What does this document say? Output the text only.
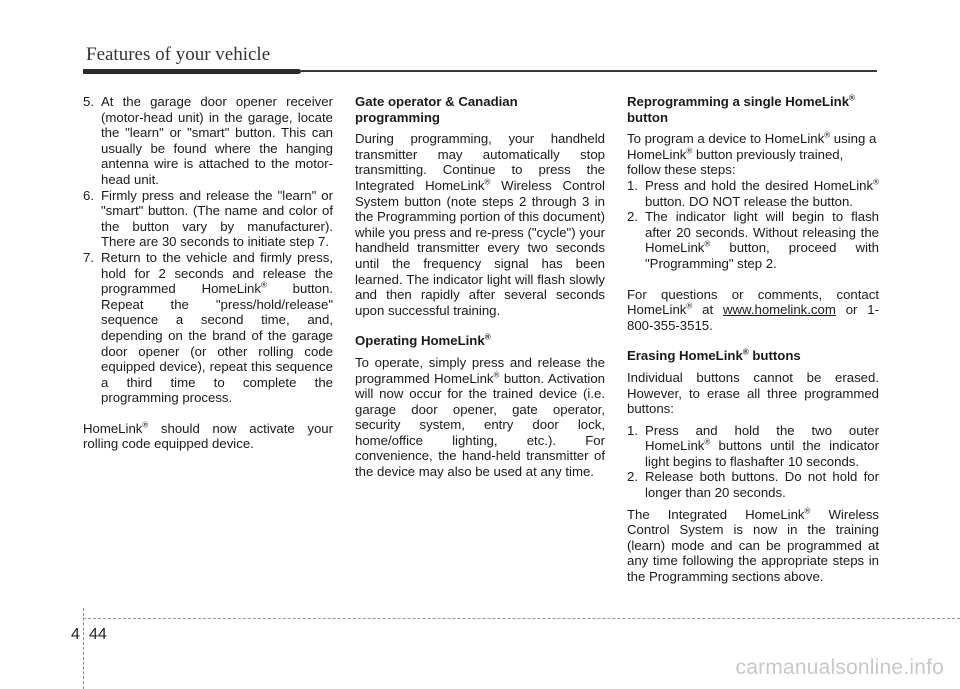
Features of your vehicle
5. At the garage door opener receiver (motor-head unit) in the garage, locate the "learn" or "smart" button. This can usually be found where the hanging antenna wire is attached to the motor-head unit.
6. Firmly press and release the "learn" or "smart" button. (The name and color of the button vary by manufacturer). There are 30 seconds to initiate step 7.
7. Return to the vehicle and firmly press, hold for 2 seconds and release the programmed HomeLink® button. Repeat the "press/hold/release" sequence a second time, and, depending on the brand of the garage door opener (or other rolling code equipped device), repeat this sequence a third time to complete the programming process.

HomeLink® should now activate your rolling code equipped device.

Gate operator & Canadian programming

During programming, your handheld transmitter may automatically stop transmitting. Continue to press the Integrated HomeLink® Wireless Control System button (note steps 2 through 3 in the Programming portion of this document) while you press and re-press ("cycle") your handheld transmitter every two seconds until the frequency signal has been learned. The indicator light will flash slowly and then rapidly after several seconds upon successful training.

Operating HomeLink®

To operate, simply press and release the programmed HomeLink® button. Activation will now occur for the trained device (i.e. garage door opener, gate operator, security system, entry door lock, home/office lighting, etc.). For convenience, the hand-held transmitter of the device may also be used at any time.

Reprogramming a single HomeLink® button

To program a device to HomeLink® using a HomeLink® button previously trained, follow these steps:

1. Press and hold the desired HomeLink® button. DO NOT release the button.
2. The indicator light will begin to flash after 20 seconds. Without releasing the HomeLink® button, proceed with "Programming" step 2.

For questions or comments, contact HomeLink® at www.homelink.com or 1-800-355-3515.

Erasing HomeLink® buttons

Individual buttons cannot be erased. However, to erase all three programmed buttons:

1. Press and hold the two outer HomeLink® buttons until the indicator light begins to flashafter 10 seconds.
2. Release both buttons. Do not hold for longer than 20 seconds.

The Integrated HomeLink® Wireless Control System is now in the training (learn) mode and can be programmed at any time following the appropriate steps in the Programming sections above.

4 44
carmanualsonline.info
